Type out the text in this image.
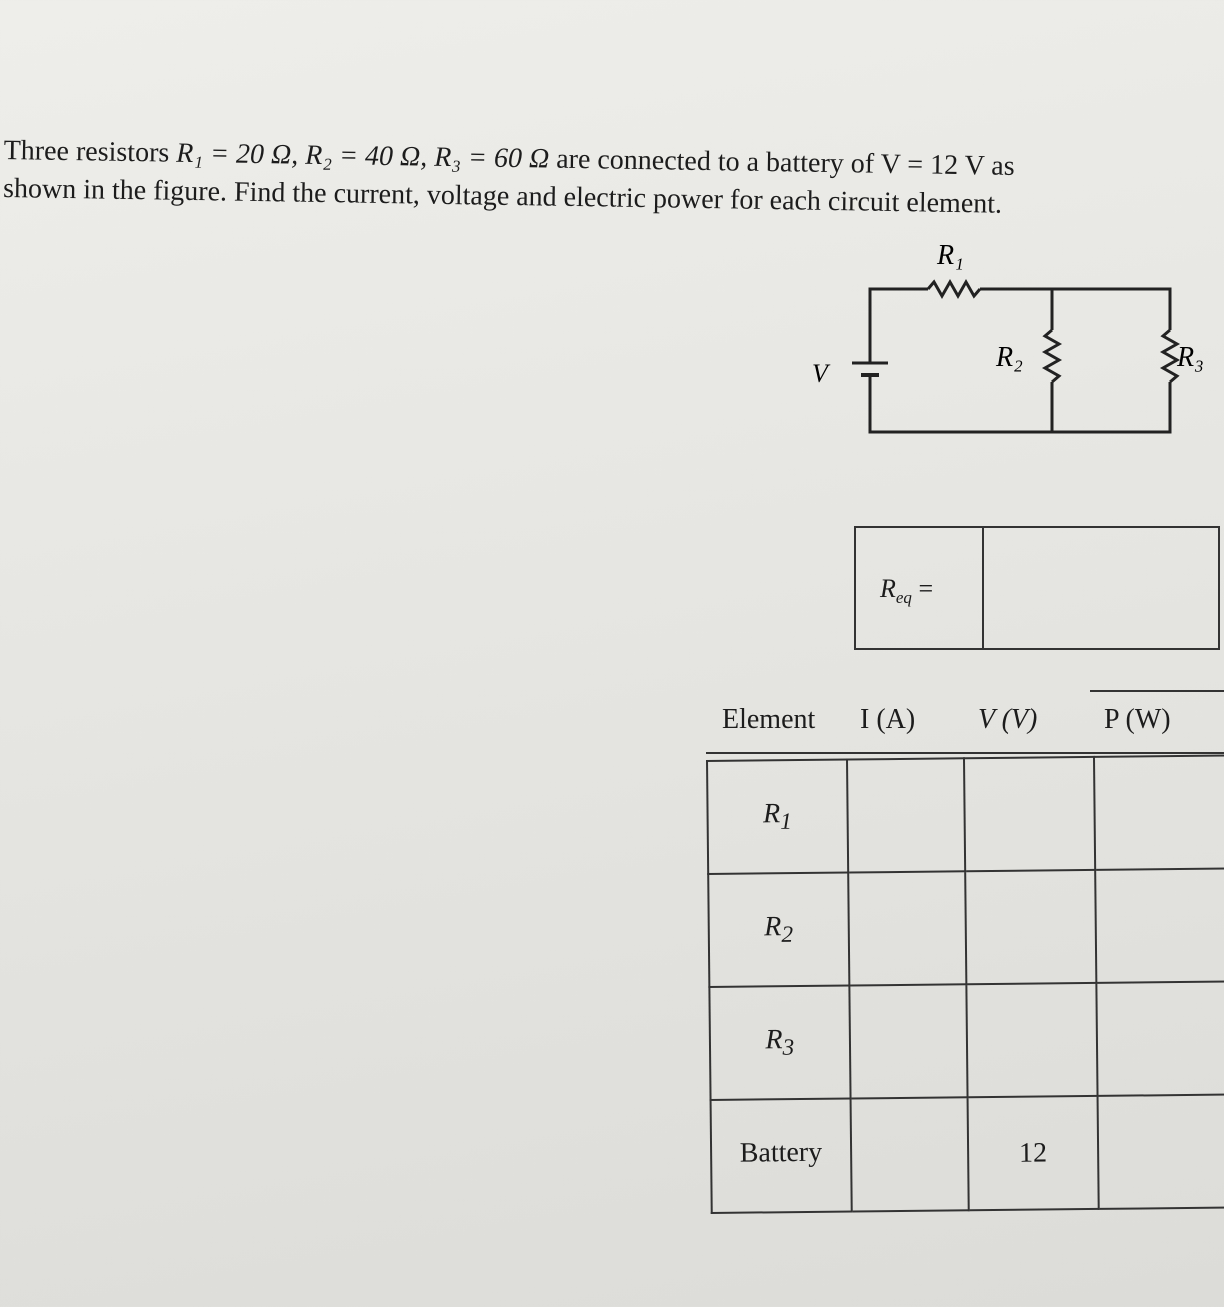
Three resistors R₁ = 20 Ω, R₂ = 40 Ω, R₃ = 60 Ω are connected to a battery of V = 12 V as

shown in the figure. Find the current, voltage and electric power for each circuit element.

R₁
R₂	R₃
V
$R_{eq}$ =
Element I (A) V (V) P (W)
$R_1$			
$R_2$			
$R_3$			
Battery		12	
